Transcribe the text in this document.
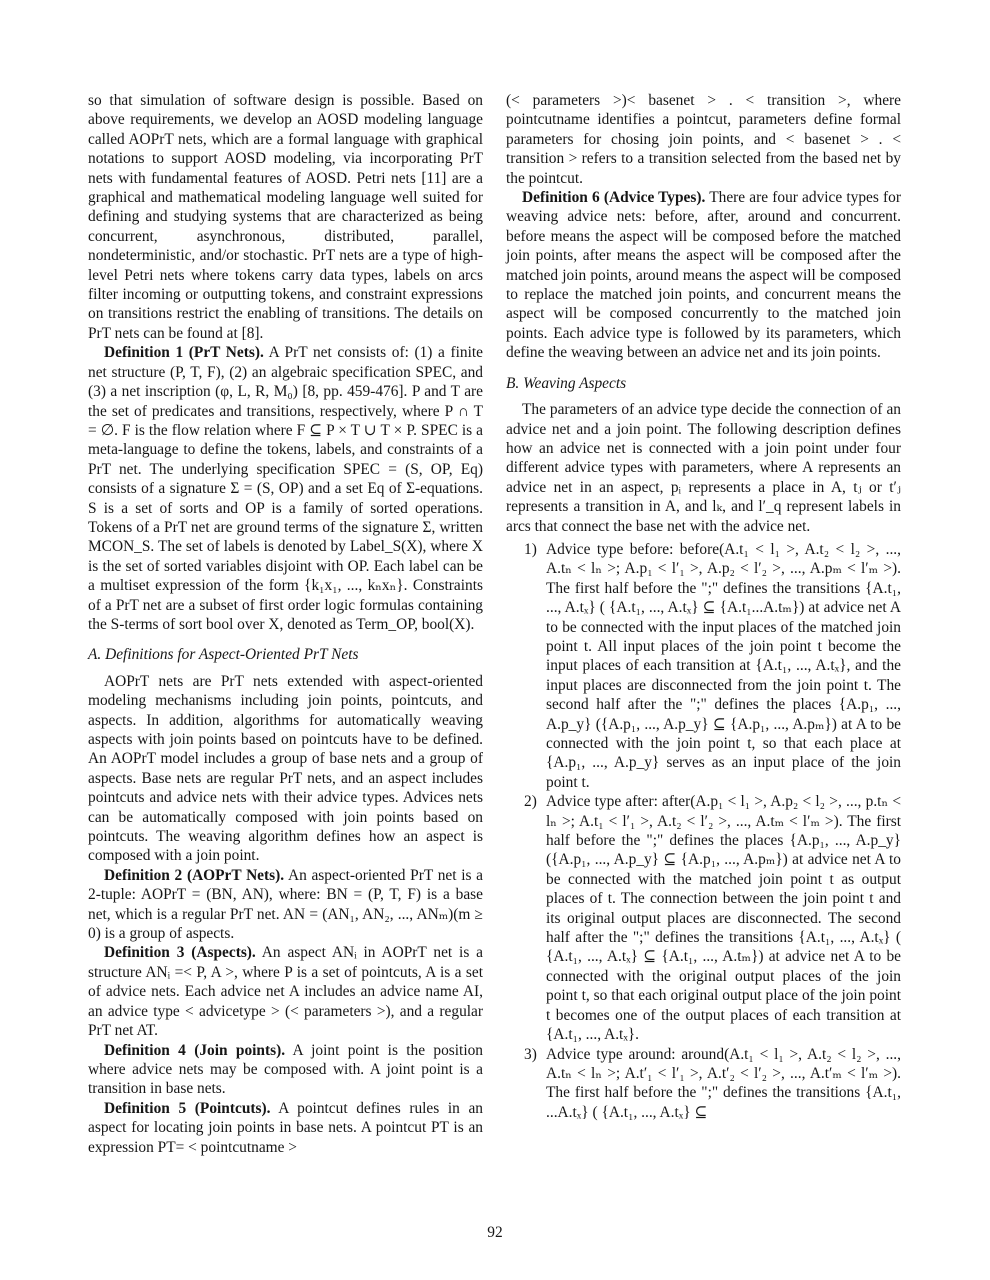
so that simulation of software design is possible. Based on above requirements, we develop an AOSD modeling language called AOPrT nets, which are a formal language with graphical notations to support AOSD modeling, via incorporating PrT nets with fundamental features of AOSD. Petri nets [11] are a graphical and mathematical modeling language well suited for defining and studying systems that are characterized as being concurrent, asynchronous, distributed, parallel, nondeterministic, and/or stochastic. PrT nets are a type of high-level Petri nets where tokens carry data types, labels on arcs filter incoming or outputting tokens, and constraint expressions on transitions restrict the enabling of transitions. The details on PrT nets can be found at [8].

Definition 1 (PrT Nets). A PrT net consists of: (1) a finite net structure (P, T, F), (2) an algebraic specification SPEC, and (3) a net inscription (φ, L, R, M₀) [8, pp. 459-476]. P and T are the set of predicates and transitions, respectively, where P ∩ T = ∅. F is the flow relation where F ⊆ P × T ∪ T × P. SPEC is a meta-language to define the tokens, labels, and constraints of a PrT net. The underlying specification SPEC = (S, OP, Eq) consists of a signature Σ = (S, OP) and a set Eq of Σ-equations. S is a set of sorts and OP is a family of sorted operations. Tokens of a PrT net are ground terms of the signature Σ, written MCON_S. The set of labels is denoted by Label_S(X), where X is the set of sorted variables disjoint with OP. Each label can be a multiset expression of the form {k₁x₁, ..., kₙxₙ}. Constraints of a PrT net are a subset of first order logic formulas containing the S-terms of sort bool over X, denoted as Term_OP, bool(X).

A. Definitions for Aspect-Oriented PrT Nets

AOPrT nets are PrT nets extended with aspect-oriented modeling mechanisms including join points, pointcuts, and aspects. In addition, algorithms for automatically weaving aspects with join points based on pointcuts have to be defined. An AOPrT model includes a group of base nets and a group of aspects. Base nets are regular PrT nets, and an aspect includes pointcuts and advice nets with their advice types. Advices nets can be automatically composed with join points based on pointcuts. The weaving algorithm defines how an aspect is composed with a join point.

Definition 2 (AOPrT Nets). An aspect-oriented PrT net is a 2-tuple: AOPrT = (BN, AN), where: BN = (P, T, F) is a base net, which is a regular PrT net. AN = (AN₁, AN₂, ..., ANₘ)(m ≥ 0) is a group of aspects.

Definition 3 (Aspects). An aspect ANᵢ in AOPrT net is a structure ANᵢ =< P, A >, where P is a set of pointcuts, A is a set of advice nets. Each advice net A includes an advice name AI, an advice type < advicetype > (< parameters >), and a regular PrT net AT.

Definition 4 (Join points). A joint point is the position where advice nets may be composed with. A joint point is a transition in base nets.

Definition 5 (Pointcuts). A pointcut defines rules in an aspect for locating join points in base nets. A pointcut PT is an expression PT= < pointcutname >

(< parameters >)< basenet > . < transition >, where pointcutname identifies a pointcut, parameters define formal parameters for chosing join points, and < basenet > . < transition > refers to a transition selected from the based net by the pointcut.

Definition 6 (Advice Types). There are four advice types for weaving advice nets: before, after, around and concurrent. before means the aspect will be composed before the matched join points, after means the aspect will be composed after the matched join points, around means the aspect will be composed to replace the matched join points, and concurrent means the aspect will be composed concurrently to the matched join points. Each advice type is followed by its parameters, which define the weaving between an advice net and its join points.

B. Weaving Aspects

The parameters of an advice type decide the connection of an advice net and a join point. The following description defines how an advice net is connected with a join point under four different advice types with parameters, where A represents an advice net in an aspect, pᵢ represents a place in A, tⱼ or t′ⱼ represents a transition in A, and lₖ, and l′_q represent labels in arcs that connect the base net with the advice net.

1) Advice type before: before(A.t₁ < l₁ >, A.t₂ < l₂ >, ..., A.tₙ < lₙ >; A.p₁ < l′₁ >, A.p₂ < l′₂ >, ..., A.pₘ < l′ₘ >). The first half before the ";" defines the transitions {A.t₁, ..., A.tₓ} ( {A.t₁, ..., A.tₓ} ⊆ {A.t₁...A.tₘ}) at advice net A to be connected with the input places of the matched join point t. All input places of the join point t become the input places of each transition at {A.t₁, ..., A.tₓ}, and the input places are disconnected from the join point t. The second half after the ";" defines the places {A.p₁, ..., A.p_y} ({A.p₁, ..., A.p_y} ⊆ {A.p₁, ..., A.pₘ}) at A to be connected with the join point t, so that each place at {A.p₁, ..., A.p_y} serves as an input place of the join point t.
2) Advice type after: after(A.p₁ < l₁ >, A.p₂ < l₂ >, ..., p.tₙ < lₙ >; A.t₁ < l′₁ >, A.t₂ < l′₂ >, ..., A.tₘ < l′ₘ >). The first half before the ";" defines the places {A.p₁, ..., A.p_y} ({A.p₁, ..., A.p_y} ⊆ {A.p₁, ..., A.pₘ}) at advice net A to be connected with the matched join point t as output places of t. The connection between the join point t and its original output places are disconnected. The second half after the ";" defines the transitions {A.t₁, ..., A.tₓ} ( {A.t₁, ..., A.tₓ} ⊆ {A.t₁, ..., A.tₘ}) at advice net A to be connected with the original output places of the join point t, so that each original output place of the join point t becomes one of the output places of each transition at {A.t₁, ..., A.tₓ}.
3) Advice type around: around(A.t₁ < l₁ >, A.t₂ < l₂ >, ..., A.tₙ < lₙ >; A.t′₁ < l′₁ >, A.t′₂ < l′₂ >, ..., A.t′ₘ < l′ₘ >). The first half before the ";" defines the transitions {A.t₁, ...A.tₓ} ( {A.t₁, ..., A.tₓ} ⊆
92
